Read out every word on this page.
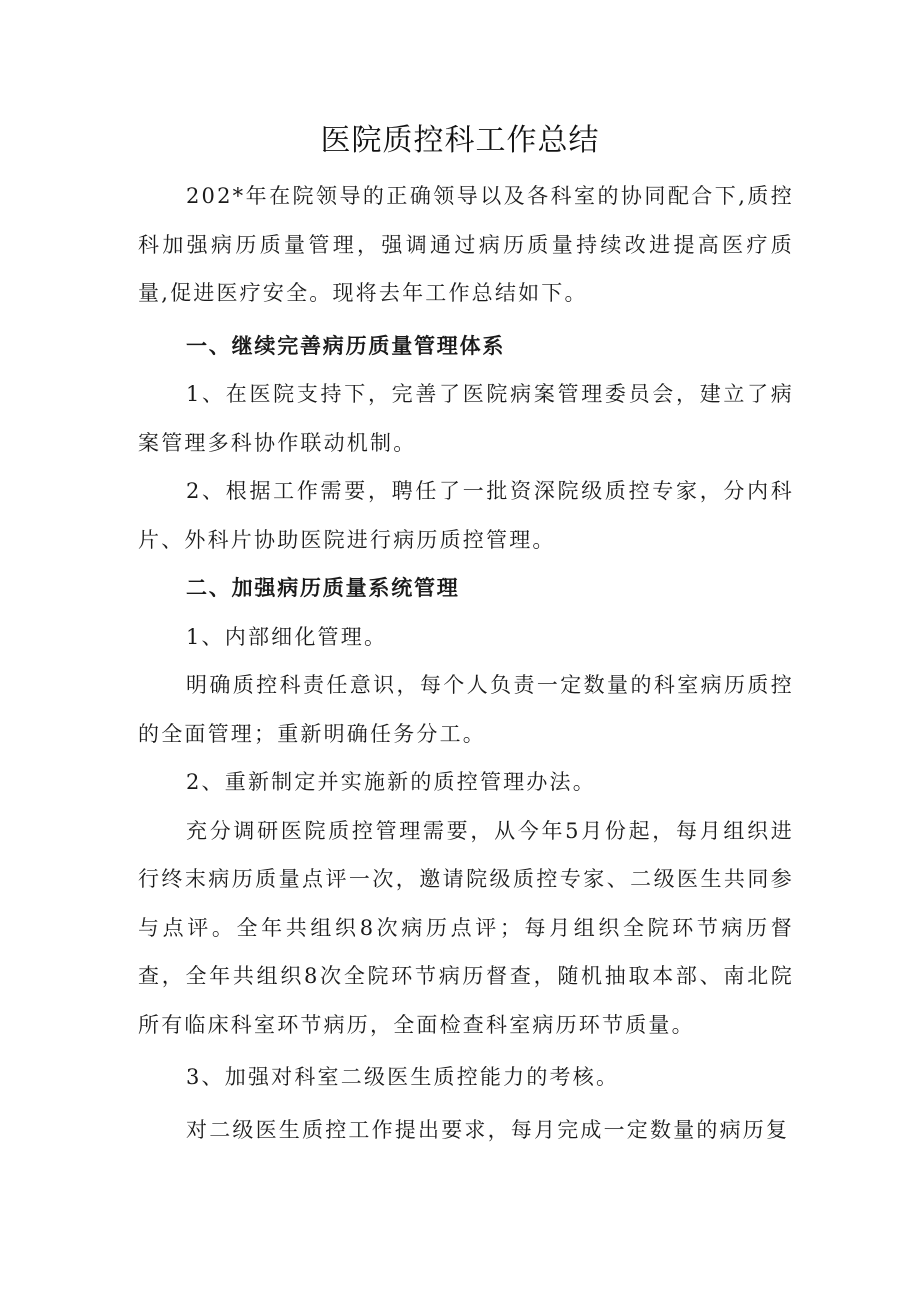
医院质控科工作总结

202*年在院领导的正确领导以及各科室的协同配合下,质控科加强病历质量管理，强调通过病历质量持续改进提高医疗质量,促进医疗安全。现将去年工作总结如下。

一、继续完善病历质量管理体系

1、在医院支持下，完善了医院病案管理委员会，建立了病案管理多科协作联动机制。

2、根据工作需要，聘任了一批资深院级质控专家，分内科片、外科片协助医院进行病历质控管理。

二、加强病历质量系统管理

1、内部细化管理。

明确质控科责任意识，每个人负责一定数量的科室病历质控的全面管理；重新明确任务分工。

2、重新制定并实施新的质控管理办法。

充分调研医院质控管理需要，从今年5月份起，每月组织进行终末病历质量点评一次，邀请院级质控专家、二级医生共同参与点评。全年共组织8次病历点评；每月组织全院环节病历督查，全年共组织8次全院环节病历督查，随机抽取本部、南北院所有临床科室环节病历，全面检查科室病历环节质量。

3、加强对科室二级医生质控能力的考核。

对二级医生质控工作提出要求，每月完成一定数量的病历复
